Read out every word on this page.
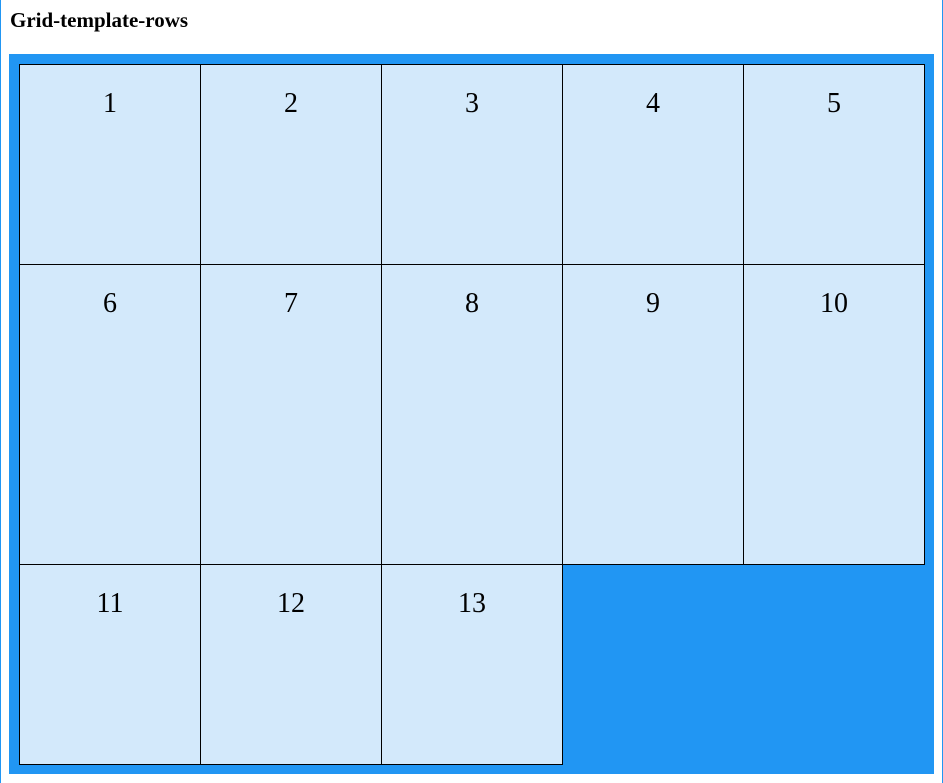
Grid-template-rows
1	2	3	4	5
6	7	8	9	10
11	12	13
